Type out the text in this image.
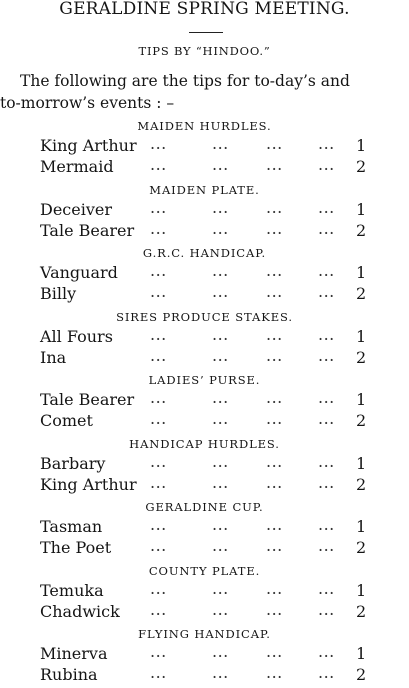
GERALDINE SPRING MEETING.
TIPS BY “HINDOO.”
The following are the tips for to-day’s and
to-morrow’s events : –
MAIDEN HURDLES.
King Arthur ...	... ... ... 1
Mermaid ...	... ... ... 2
MAIDEN PLATE.
Deceiver ...	... ... ... 1
Tale Bearer ...	... ... ... 2
G.R.C. HANDICAP.
Vanguard ...	... ... ... 1
Billy	...	... ... ... 2
SIRES PRODUCE STAKES.
All Fours ...	... ... ... 1
Ina	...	... ... ... 2
LADIES’ PURSE.
Tale Bearer ...	... ... ... 1
Comet	...	... ... ... 2
HANDICAP HURDLES.
Barbary	...	... ... ... 1
King Arthur ...	... ... ... 2
GERALDINE CUP.
Tasman	...	... ... ... 1
The Poet ...	... ... ... 2
COUNTY PLATE.
Temuka	...	... ... ... 1
Chadwick ...	... ... ... 2
FLYING HANDICAP.
Minerva	...	... ... ... 1
Rubina	...	... ... ... 2
